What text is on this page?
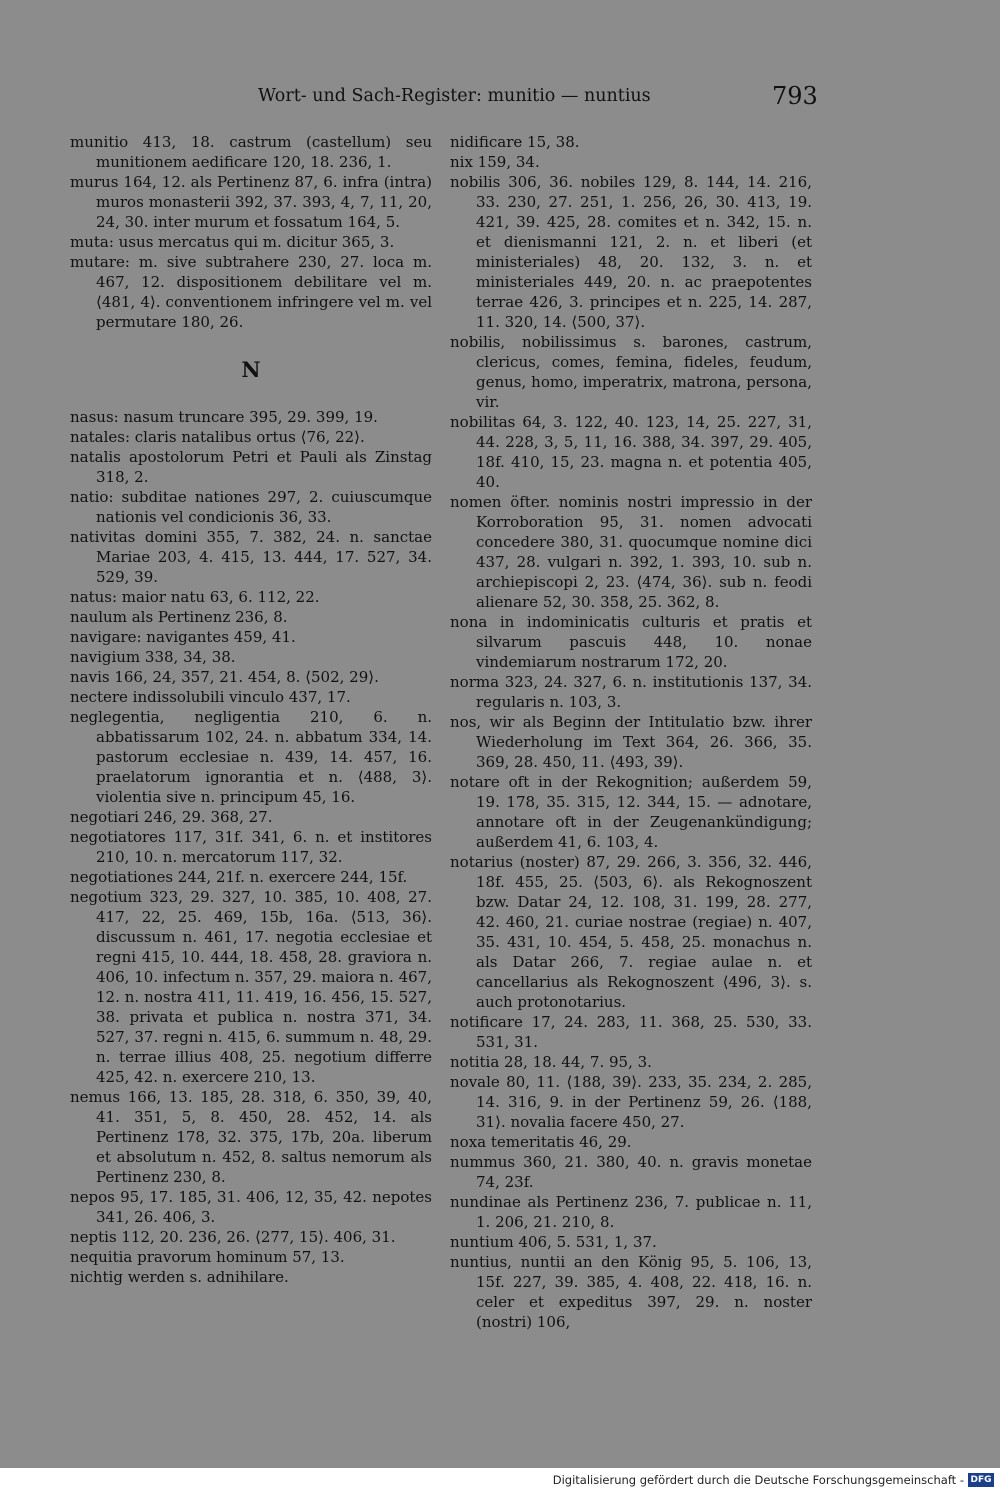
Wort- und Sach-Register: munitio — nuntius	793

munitio 413, 18. castrum (castellum) seu munitionem aedificare 120, 18. 236, 1.

murus 164, 12. als Pertinenz 87, 6. infra (intra) muros monasterii 392, 37. 393, 4, 7, 11, 20, 24, 30. inter murum et fossatum 164, 5.

muta: usus mercatus qui m. dicitur 365, 3.

mutare: m. sive subtrahere 230, 27. loca m. 467, 12. dispositionem debilitare vel m. ⟨481, 4⟩. conventionem infringere vel m. vel permutare 180, 26.

N

nasus: nasum truncare 395, 29. 399, 19.

natales: claris natalibus ortus ⟨76, 22⟩.

natalis apostolorum Petri et Pauli als Zinstag 318, 2.

natio: subditae nationes 297, 2. cuiuscumque nationis vel condicionis 36, 33.

nativitas domini 355, 7. 382, 24. n. sanctae Mariae 203, 4. 415, 13. 444, 17. 527, 34. 529, 39.

natus: maior natu 63, 6. 112, 22.

naulum als Pertinenz 236, 8.

navigare: navigantes 459, 41.

navigium 338, 34, 38.

navis 166, 24, 357, 21. 454, 8. ⟨502, 29⟩.

nectere indissolubili vinculo 437, 17.

neglegentia, negligentia 210, 6. n. abbatissarum 102, 24. n. abbatum 334, 14. pastorum ecclesiae n. 439, 14. 457, 16. praelatorum ignorantia et n. ⟨488, 3⟩. violentia sive n. principum 45, 16.

negotiari 246, 29. 368, 27.

negotiatores 117, 31f. 341, 6. n. et institores 210, 10. n. mercatorum 117, 32.

negotiationes 244, 21f. n. exercere 244, 15f.

negotium 323, 29. 327, 10. 385, 10. 408, 27. 417, 22, 25. 469, 15b, 16a. ⟨513, 36⟩. discussum n. 461, 17. negotia ecclesiae et regni 415, 10. 444, 18. 458, 28. graviora n. 406, 10. infectum n. 357, 29. maiora n. 467, 12. n. nostra 411, 11. 419, 16. 456, 15. 527, 38. privata et publica n. nostra 371, 34. 527, 37. regni n. 415, 6. summum n. 48, 29. n. terrae illius 408, 25. negotium differre 425, 42. n. exercere 210, 13.

nemus 166, 13. 185, 28. 318, 6. 350, 39, 40, 41. 351, 5, 8. 450, 28. 452, 14. als Pertinenz 178, 32. 375, 17b, 20a. liberum et absolutum n. 452, 8. saltus nemorum als Pertinenz 230, 8.

nepos 95, 17. 185, 31. 406, 12, 35, 42. nepotes 341, 26. 406, 3.

neptis 112, 20. 236, 26. ⟨277, 15⟩. 406, 31.

nequitia pravorum hominum 57, 13.

nichtig werden s. adnihilare.

nidificare 15, 38.

nix 159, 34.

nobilis 306, 36. nobiles 129, 8. 144, 14. 216, 33. 230, 27. 251, 1. 256, 26, 30. 413, 19. 421, 39. 425, 28. comites et n. 342, 15. n. et dienismanni 121, 2. n. et liberi (et ministeriales) 48, 20. 132, 3. n. et ministeriales 449, 20. n. ac praepotentes terrae 426, 3. principes et n. 225, 14. 287, 11. 320, 14. ⟨500, 37⟩.

nobilis, nobilissimus s. barones, castrum, clericus, comes, femina, fideles, feudum, genus, homo, imperatrix, matrona, persona, vir.

nobilitas 64, 3. 122, 40. 123, 14, 25. 227, 31, 44. 228, 3, 5, 11, 16. 388, 34. 397, 29. 405, 18f. 410, 15, 23. magna n. et potentia 405, 40.

nomen öfter. nominis nostri impressio in der Korroboration 95, 31. nomen advocati concedere 380, 31. quocumque nomine dici 437, 28. vulgari n. 392, 1. 393, 10. sub n. archiepiscopi 2, 23. ⟨474, 36⟩. sub n. feodi alienare 52, 30. 358, 25. 362, 8.

nona in indominicatis culturis et pratis et silvarum pascuis 448, 10. nonae vindemiarum nostrarum 172, 20.

norma 323, 24. 327, 6. n. institutionis 137, 34. regularis n. 103, 3.

nos, wir als Beginn der Intitulatio bzw. ihrer Wiederholung im Text 364, 26. 366, 35. 369, 28. 450, 11. ⟨493, 39⟩.

notare oft in der Rekognition; außerdem 59, 19. 178, 35. 315, 12. 344, 15. — adnotare, annotare oft in der Zeugenankündigung; außerdem 41, 6. 103, 4.

notarius (noster) 87, 29. 266, 3. 356, 32. 446, 18f. 455, 25. ⟨503, 6⟩. als Rekognoszent bzw. Datar 24, 12. 108, 31. 199, 28. 277, 42. 460, 21. curiae nostrae (regiae) n. 407, 35. 431, 10. 454, 5. 458, 25. monachus n. als Datar 266, 7. regiae aulae n. et cancellarius als Rekognoszent ⟨496, 3⟩. s. auch protonotarius.

notificare 17, 24. 283, 11. 368, 25. 530, 33. 531, 31.

notitia 28, 18. 44, 7. 95, 3.

novale 80, 11. ⟨188, 39⟩. 233, 35. 234, 2. 285, 14. 316, 9. in der Pertinenz 59, 26. ⟨188, 31⟩. novalia facere 450, 27.

noxa temeritatis 46, 29.

nummus 360, 21. 380, 40. n. gravis monetae 74, 23f.

nundinae als Pertinenz 236, 7. publicae n. 11, 1. 206, 21. 210, 8.

nuntium 406, 5. 531, 1, 37.

nuntius, nuntii an den König 95, 5. 106, 13, 15f. 227, 39. 385, 4. 408, 22. 418, 16. n. celer et expeditus 397, 29. n. noster (nostri) 106,

Digitalisierung gefördert durch die Deutsche Forschungsgemeinschaft - DFG
